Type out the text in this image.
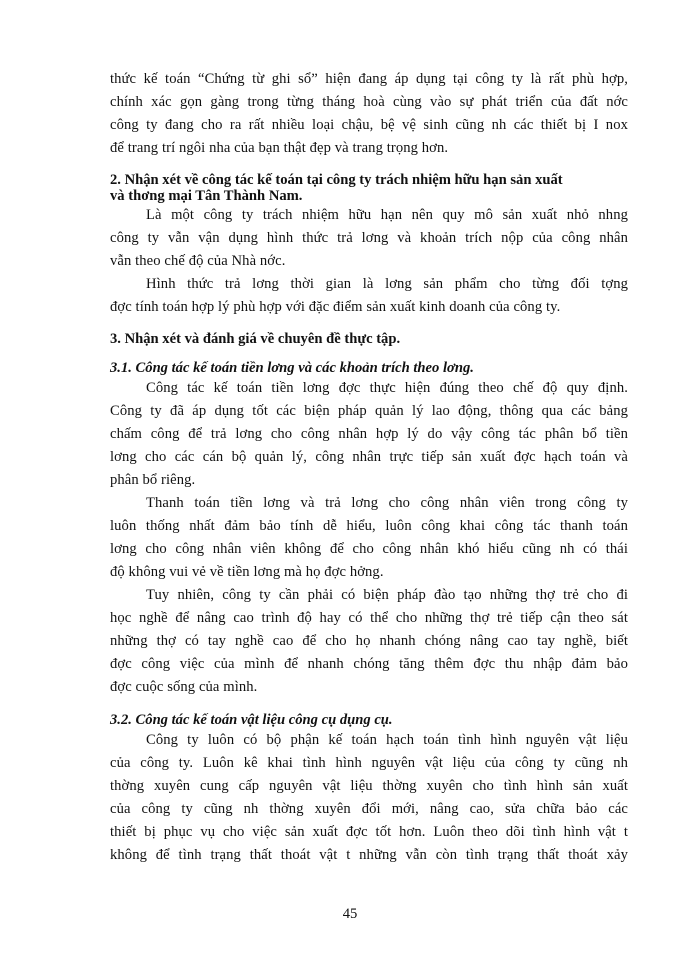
thức kế toán “Chứng từ ghi sổ” hiện đang áp dụng tại công ty là rất phù hợp,
chính xác gọn gàng trong từng tháng hoà cùng vào sự phát triển của đất nớc
công ty đang cho ra rất nhiều loại chậu, bệ vệ sinh cũng nh các thiết bị I nox
để trang trí ngôi nha của bạn thật đẹp và trang trọng hơn.
2. Nhận xét về công tác kế toán tại công ty trách nhiệm hữu hạn sản xuất
và thơng mại Tân Thành Nam.
Là một công ty trách nhiệm hữu hạn nên quy mô sản xuất nhỏ nhng
công ty vẫn vận dụng hình thức trả lơng và khoản trích nộp của công nhân
vẫn theo chế độ của Nhà nớc.
Hình thức trả lơng thời gian là lơng sản phẩm cho từng đối tợng
đợc tính toán hợp lý phù hợp với đặc điểm sản xuất kinh doanh của công ty.
3. Nhận xét và đánh giá về chuyên đề thực tập.
3.1. Công tác kế toán tiền lơng và các khoản trích theo lơng.
Công tác kế toán tiền lơng đợc thực hiện đúng theo chế độ quy định.
Công ty đã áp dụng tốt các biện pháp quản lý lao động, thông qua các bảng
chấm công để trả lơng cho công nhân hợp lý do vậy công tác phân bổ tiền
lơng cho các cán bộ quản lý, công nhân trực tiếp sản xuất đợc hạch toán và
phân bổ riêng.
Thanh toán tiền lơng và trả lơng cho công nhân viên trong công ty
luôn thống nhất đảm bảo tính dễ hiểu, luôn công khai công tác thanh toán
lơng cho công nhân viên không để cho công nhân khó hiểu cũng nh có thái
độ không vui vẻ về tiền lơng mà họ đợc hởng.
Tuy nhiên, công ty cần phải có biện pháp đào tạo những thợ trẻ cho đi
học nghề để nâng cao trình độ hay có thể cho những thợ trẻ tiếp cận theo sát
những thợ có tay nghề cao để cho họ nhanh chóng nâng cao tay nghề, biết
đợc công việc của mình để nhanh chóng tăng thêm đợc thu nhập đảm bảo
đợc cuộc sống của mình.
3.2. Công tác kế toán vật liệu công cụ dụng cụ.
Công ty luôn có bộ phận kế toán hạch toán tình hình nguyên vật liệu
của công ty. Luôn kê khai tình hình nguyên vật liệu của công ty cũng nh
thờng xuyên cung cấp nguyên vật liệu thờng xuyên cho tình hình sản xuất
của công ty cũng nh thờng xuyên đổi mới, nâng cao, sửa chữa bảo các
thiết bị phục vụ cho việc sản xuất đợc tốt hơn. Luôn theo dõi tình hình vật t
không để tình trạng thất thoát vật t những vẫn còn tình trạng thất thoát xảy
45
